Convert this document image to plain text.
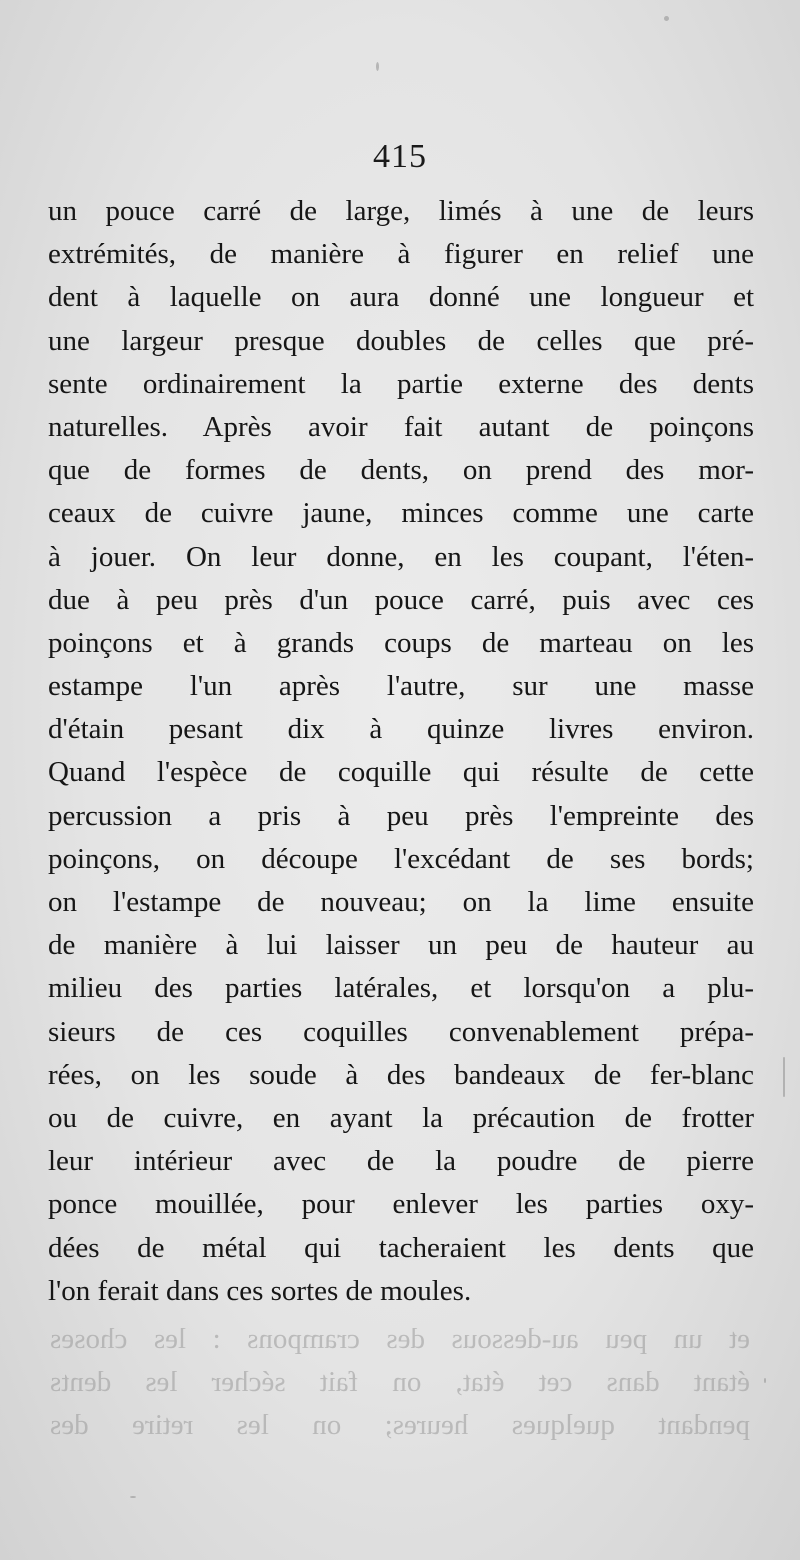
et un peu au-dessous des crampons : les choses
étant dans cet état, on fait sécher les dents
pendant quelques heures; on les retire des
415
un pouce carré de large, limés à une de leurs
extrémités, de manière à figurer en relief une
dent à laquelle on aura donné une longueur et
une largeur presque doubles de celles que pré-
sente ordinairement la partie externe des dents
naturelles. Après avoir fait autant de poinçons
que de formes de dents, on prend des mor-
ceaux de cuivre jaune, minces comme une carte
à jouer. On leur donne, en les coupant, l'éten-
due à peu près d'un pouce carré, puis avec ces
poinçons et à grands coups de marteau on les
estampe l'un après l'autre, sur une masse
d'étain pesant dix à quinze livres environ.
Quand l'espèce de coquille qui résulte de cette
percussion a pris à peu près l'empreinte des
poinçons, on découpe l'excédant de ses bords;
on l'estampe de nouveau; on la lime ensuite
de manière à lui laisser un peu de hauteur au
milieu des parties latérales, et lorsqu'on a plu-
sieurs de ces coquilles convenablement prépa-
rées, on les soude à des bandeaux de fer-blanc
ou de cuivre, en ayant la précaution de frotter
leur intérieur avec de la poudre de pierre
ponce mouillée, pour enlever les parties oxy-
dées de métal qui tacheraient les dents que
l'on ferait dans ces sortes de moules.
